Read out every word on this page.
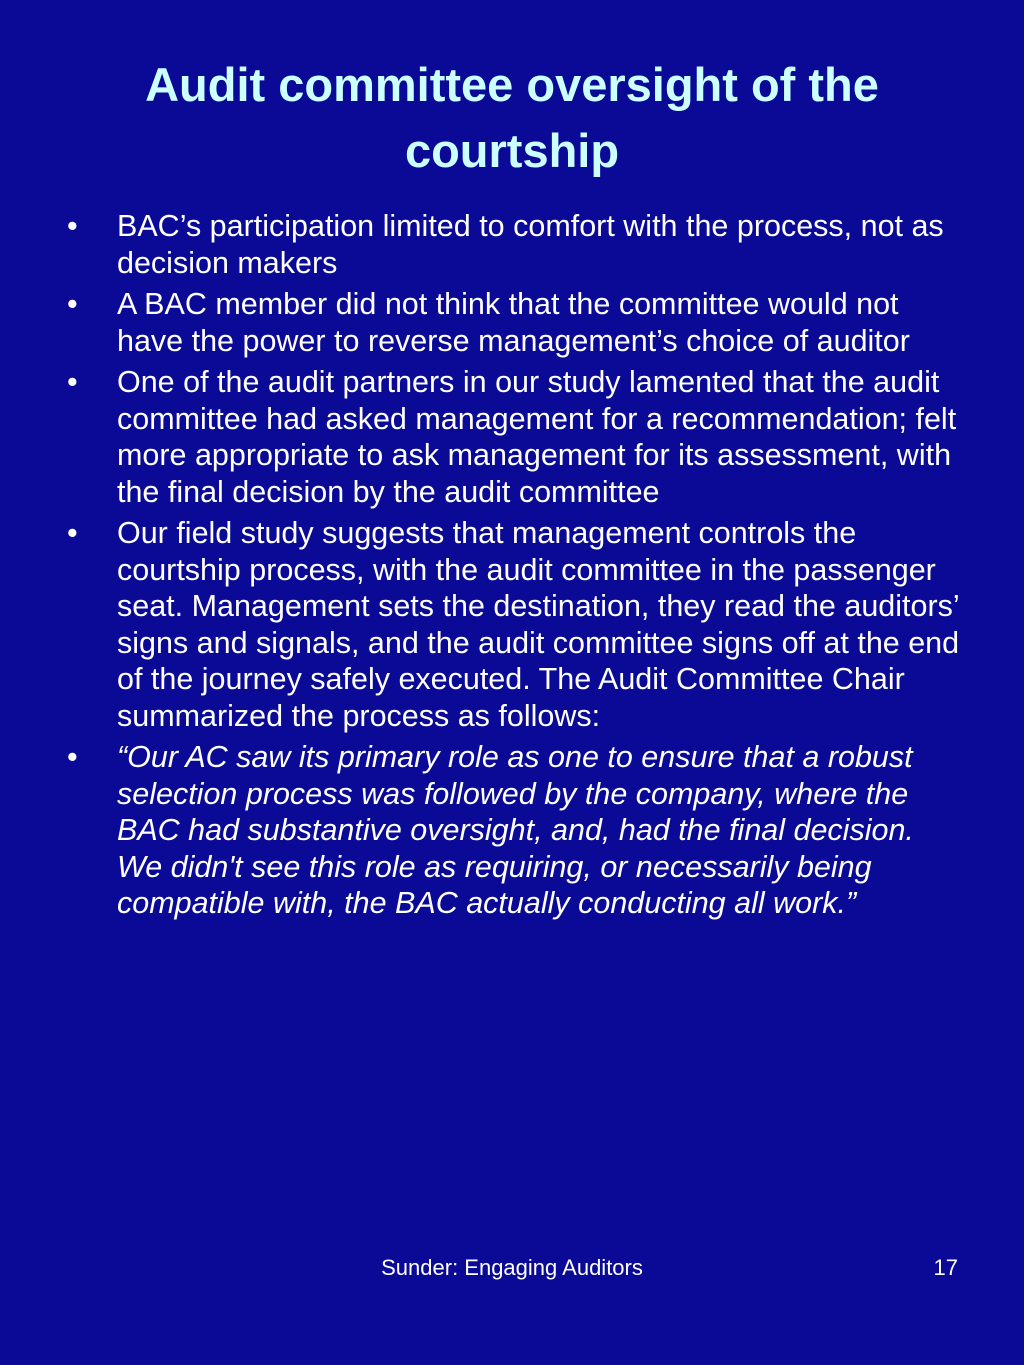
Audit committee oversight of the courtship
• BAC’s participation limited to comfort with the process, not as decision makers
• A BAC member did not think that the committee would not have the power to reverse management’s choice of auditor
• One of the audit partners in our study lamented that the audit committee had asked management for a recommendation; felt more appropriate to ask management for its assessment, with the final decision by the audit committee
• Our field study suggests that management controls the courtship process, with the audit committee in the passenger seat. Management sets the destination, they read the auditors’ signs and signals, and the audit committee signs off at the end of the journey safely executed. The Audit Committee Chair summarized the process as follows:
• “Our AC saw its primary role as one to ensure that a robust selection process was followed by the company, where the BAC had substantive oversight, and, had the final decision. We didn't see this role as requiring, or necessarily being compatible with, the BAC actually conducting all work.”

Sunder: Engaging Auditors	17
